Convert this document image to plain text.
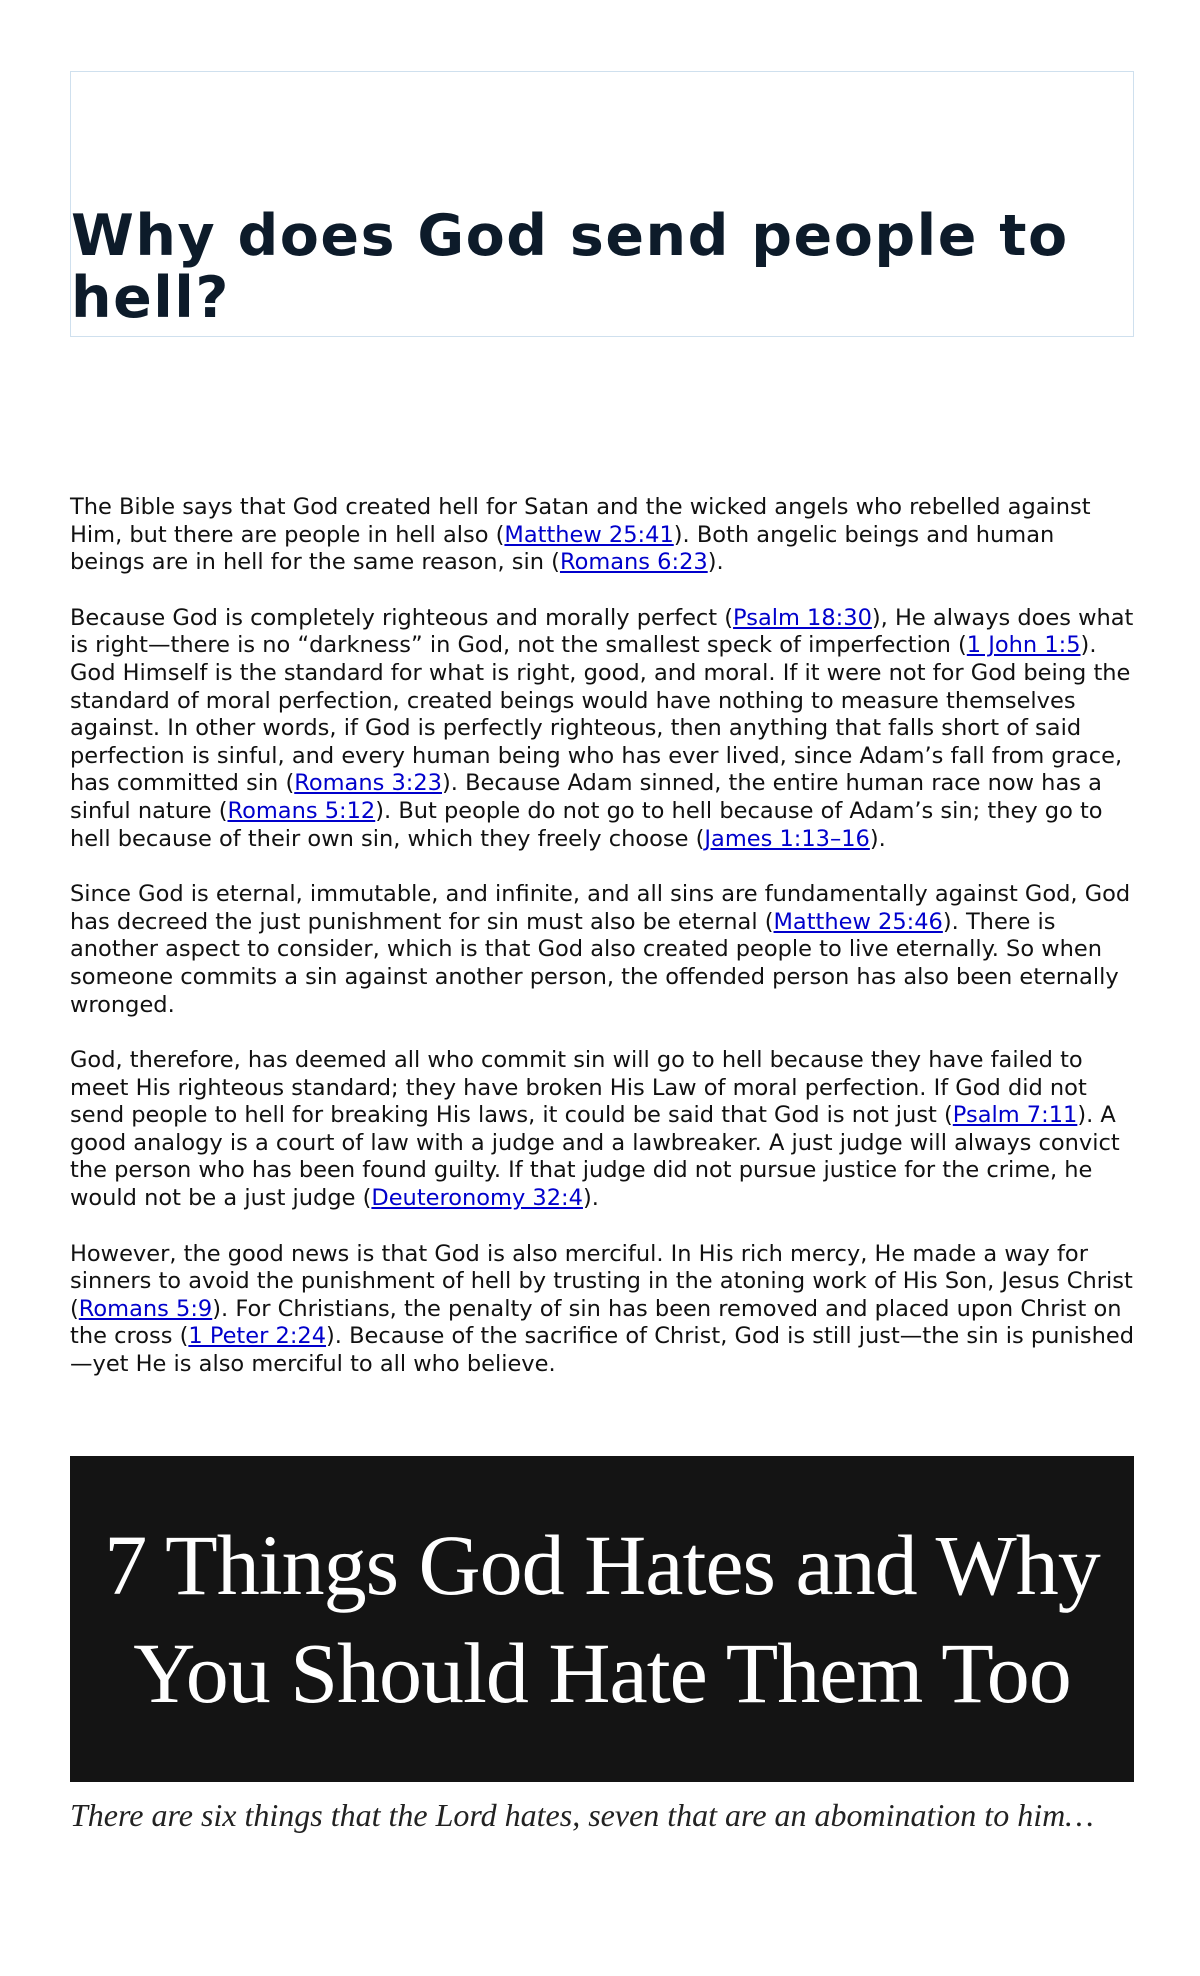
Why does God send people to hell?

The Bible says that God created hell for Satan and the wicked angels who rebelled against Him, but there are people in hell also (Matthew 25:41). Both angelic beings and human beings are in hell for the same reason, sin (Romans 6:23).

Because God is completely righteous and morally perfect (Psalm 18:30), He always does what is right—there is no “darkness” in God, not the smallest speck of imperfection (1 John 1:5). God Himself is the standard for what is right, good, and moral. If it were not for God being the standard of moral perfection, created beings would have nothing to measure themselves against. In other words, if God is perfectly righteous, then anything that falls short of said perfection is sinful, and every human being who has ever lived, since Adam’s fall from grace, has committed sin (Romans 3:23). Because Adam sinned, the entire human race now has a sinful nature (Romans 5:12). But people do not go to hell because of Adam’s sin; they go to hell because of their own sin, which they freely choose (James 1:13–16).

Since God is eternal, immutable, and infinite, and all sins are fundamentally against God, God has decreed the just punishment for sin must also be eternal (Matthew 25:46). There is another aspect to consider, which is that God also created people to live eternally. So when someone commits a sin against another person, the offended person has also been eternally wronged.

God, therefore, has deemed all who commit sin will go to hell because they have failed to meet His righteous standard; they have broken His Law of moral perfection. If God did not send people to hell for breaking His laws, it could be said that God is not just (Psalm 7:11). A good analogy is a court of law with a judge and a lawbreaker. A just judge will always convict the person who has been found guilty. If that judge did not pursue justice for the crime, he would not be a just judge (Deuteronomy 32:4).

However, the good news is that God is also merciful. In His rich mercy, He made a way for sinners to avoid the punishment of hell by trusting in the atoning work of His Son, Jesus Christ (Romans 5:9). For Christians, the penalty of sin has been removed and placed upon Christ on the cross (1 Peter 2:24). Because of the sacrifice of Christ, God is still just—the sin is punished—yet He is also merciful to all who believe.

7 Things God Hates and Why You Should Hate Them Too

There are six things that the Lord hates, seven that are an abomination to him…
